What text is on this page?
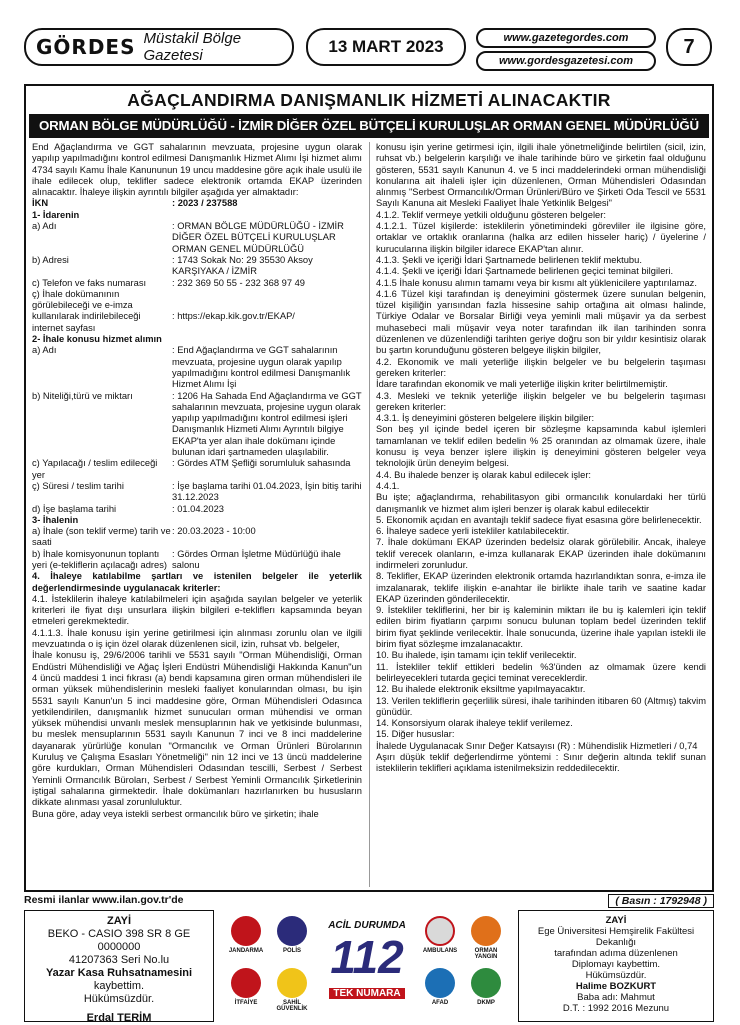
GÖRDES Müstakil Bölge Gazetesi	13 MART 2023	www.gazetegordes.com
www.gordesgazetesi.com
7
AĞAÇLANDIRMA DANIŞMANLIK HİZMETİ ALINACAKTIR
ORMAN BÖLGE MÜDÜRLÜĞÜ - İZMİR DİĞER ÖZEL BÜTÇELİ KURULUŞLAR ORMAN GENEL MÜDÜRLÜĞÜ

End Ağaçlandırma ve GGT sahalarının mevzuata, projesine uygun olarak yapılıp yapılmadığını kontrol edilmesi Danışmanlık Hizmet Alımı İşi hizmet alımı 4734 sayılı Kamu İhale Kanununun 19 uncu maddesine göre açık ihale usulü ile ihale edilecek olup, teklifler sadece elektronik ortamda EKAP üzerinden alınacaktır. İhaleye ilişkin ayrıntılı bilgiler aşağıda yer almaktadır:

İKN	: 2023 / 237588

1- İdarenin

a) Adı	: ORMAN BÖLGE MÜDÜRLÜĞÜ - İZMİR DİĞER ÖZEL BÜTÇELİ KURULUŞLAR ORMAN GENEL MÜDÜRLÜĞÜ
b) Adresi	: 1743 Sokak No: 29 35530 Aksoy KARŞIYAKA / İZMİR
c) Telefon ve faks numarası	: 232 369 50 55 - 232 368 97 49
ç) İhale dokümanının görülebileceği ve e-imza kullanılarak indirilebileceği internet sayfası
: https://ekap.kik.gov.tr/EKAP/

2- İhale konusu hizmet alımın

a) Adı	: End Ağaçlandırma ve GGT sahalarının mevzuata, projesine uygun olarak yapılıp yapılmadığını kontrol edilmesi Danışmanlık Hizmet Alımı İşi
b) Niteliği,türü ve miktarı	: 1206 Ha Sahada End Ağaçlandırma ve GGT sahalarının mevzuata, projesine uygun olarak yapılıp yapılmadığını kontrol edilmesi işleri Danışmanlık Hizmeti Alımı Ayrıntılı bilgiye EKAP'ta yer alan ihale dokümanı içinde bulunan idari şartnameden ulaşılabilir.
c) Yapılacağı / teslim edileceği yer
: Gördes ATM Şefliği sorumluluk sahasında
ç) Süresi / teslim tarihi	: İşe başlama tarihi 01.04.2023, İşin bitiş tarihi 31.12.2023
d) İşe başlama tarihi	: 01.04.2023

3- İhalenin

a) İhale (son teklif verme) tarih ve saati
: 20.03.2023 - 10:00
b) İhale komisyonunun toplantı yeri (e-tekliflerin açılacağı adres)
: Gördes Orman İşletme Müdürlüğü ihale salonu

4. İhaleye katılabilme şartları ve istenilen belgeler ile yeterlik değerlendirmesinde uygulanacak kriterler:

4.1. İsteklilerin ihaleye katılabilmeleri için aşağıda sayılan belgeler ve yeterlik kriterleri ile fiyat dışı unsurlara ilişkin bilgileri e-tekliflerı kapsamında beyan etmeleri gerekmektedir.

4.1.1.3. İhale konusu işin yerine getirilmesi için alınması zorunlu olan ve ilgili mevzuatında o iş için özel olarak düzenlenen sicil, izin, ruhsat vb. belgeler,

İhale konusu iş, 29/6/2006 tarihli ve 5531 sayılı "Orman Mühendisliği, Orman Endüstri Mühendisliği ve Ağaç İşleri Endüstri Mühendisliği Hakkında Kanun"un 4 üncü maddesi 1 inci fıkrası (a) bendi kapsamına giren orman mühendisleri ile orman yüksek mühendislerinin mesleki faaliyet konularından olması, bu işin 5531 sayılı Kanun'un 5 inci maddesine göre, Orman Mühendisleri Odasınca yetkilendirilen, danışmanlık hizmet sunucuları orman mühendisi ve orman yüksek mühendisi unvanlı meslek mensuplarının hak ve yetkisinde bulunması, bu meslek mensuplarının 5531 sayılı Kanunun 7 inci ve 8 inci maddelerine dayanarak yürürlüğe konulan "Ormancılık ve Orman Ürünleri Bürolarının Kuruluş ve Çalışma Esasları Yönetmeliği" nin 12 inci ve 13 üncü maddelerine göre kurdukları, Orman Mühendisleri Odasından tescilli, Serbest / Serbest Yeminli Ormancılık Büroları, Serbest / Serbest Yeminli Ormancılık Şirketlerinin iştigal sahalarına girmektedir. İhale dokümanları hazırlanırken bu hususların dikkate alınması yasal zorunluluktur.

Buna göre, aday veya istekli serbest ormancılık büro ve şirketin; ihale

konusu işin yerine getirmesi için, ilgili ihale yönetmeliğinde belirtilen (sicil, izin, ruhsat vb.) belgelerin karşılığı ve ihale tarihinde büro ve şirketin faal olduğunu gösteren, 5531 sayılı Kanunun 4. ve 5 inci maddelerindeki orman mühendisliği konularına ait ihaleli işler için düzenlenen, Orman Mühendisleri Odasından alınmış "Serbest Ormancılık/Orman Ürünleri/Büro ve Şirketi Oda Tescil ve 5531 Sayılı Kanuna ait Mesleki Faaliyet İhale Yetkinlik Belgesi"

4.1.2. Teklif vermeye yetkili olduğunu gösteren belgeler:

4.1.2.1. Tüzel kişilerde: isteklilerin yönetimindeki görevliler ile ilgisine göre, ortaklar ve ortaklık oranlarına (halka arz edilen hisseler hariç) / üyelerine / kurucularına ilişkin bilgiler idarece EKAP'tan alınır.

4.1.3. Şekli ve içeriği İdari Şartnamede belirlenen teklif mektubu.

4.1.4. Şekli ve içeriği İdari Şartnamede belirlenen geçici teminat bilgileri.

4.1.5 İhale konusu alımın tamamı veya bir kısmı alt yüklenicilere yaptırılamaz.

4.1.6 Tüzel kişi tarafından iş deneyimini göstermek üzere sunulan belgenin, tüzel kişiliğin yarısından fazla hissesine sahip ortağına ait olması halinde, Türkiye Odalar ve Borsalar Birliği veya yeminli mali müşavir ya da serbest muhasebeci mali müşavir veya noter tarafından ilk ilan tarihinden sonra düzenlenen ve düzenlendiği tarihten geriye doğru son bir yıldır kesintisiz olarak bu şartın korunduğunu gösteren belgeye ilişkin bilgiler,

4.2. Ekonomik ve mali yeterliğe ilişkin belgeler ve bu belgelerin taşıması gereken kriterler:

İdare tarafından ekonomik ve mali yeterliğe ilişkin kriter belirtilmemiştir.

4.3. Mesleki ve teknik yeterliğe ilişkin belgeler ve bu belgelerin taşıması gereken kriterler:

4.3.1. İş deneyimini gösteren belgelere ilişkin bilgiler:

Son beş yıl içinde bedel içeren bir sözleşme kapsamında kabul işlemleri tamamlanan ve teklif edilen bedelin % 25 oranından az olmamak üzere, ihale konusu iş veya benzer işlere ilişkin iş deneyimini gösteren belgeler veya teknolojik ürün deneyim belgesi.

4.4. Bu ihalede benzer iş olarak kabul edilecek işler:

4.4.1.

Bu işte; ağaçlandırma, rehabilitasyon gibi ormancılık konulardaki her türlü danışmanlık ve hizmet alım işleri benzer iş olarak kabul edilecektir

5. Ekonomik açıdan en avantajlı teklif sadece fiyat esasına göre belirlenecektir.

6. İhaleye sadece yerli istekliler katılabilecektir.

7. İhale dokümanı EKAP üzerinden bedelsiz olarak görülebilir. Ancak, ihaleye teklif verecek olanların, e-imza kullanarak EKAP üzerinden ihale dokümanını indirmeleri zorunludur.

8. Teklifler, EKAP üzerinden elektronik ortamda hazırlandıktan sonra, e-imza ile imzalanarak, teklife ilişkin e-anahtar ile birlikte ihale tarih ve saatine kadar EKAP üzerinden gönderilecektir.

9. İstekliler tekliflerini, her bir iş kaleminin miktarı ile bu iş kalemleri için teklif edilen birim fiyatların çarpımı sonucu bulunan toplam bedel üzerinden teklif birim fiyat şeklinde verilecektir. İhale sonucunda, üzerine ihale yapılan istekli ile birim fiyat sözleşme imzalanacaktır.

10. Bu ihalede, işin tamamı için teklif verilecektir.

11. İstekliler teklif ettikleri bedelin %3'ünden az olmamak üzere kendi belirleyecekleri tutarda geçici teminat vereceklerdir.

12. Bu ihalede elektronik eksiltme yapılmayacaktır.

13. Verilen tekliflerin geçerlilik süresi, ihale tarihinden itibaren 60 (Altmış) takvim günüdür.

14. Konsorsiyum olarak ihaleye teklif verilemez.

15. Diğer hususlar:

İhalede Uygulanacak Sınır Değer Katsayısı (R) : Mühendislik Hizmetleri / 0,74

Aşırı düşük teklif değerlendirme yöntemi : Sınır değerin altında teklif sunan isteklilerin teklifleri açıklama istenilmeksizin reddedilecektir.

Resmi ilanlar www.ilan.gov.tr'de	( Basın : 1792948 )
ZAYİ
BEKO - CASIO 398 SR 8 GE 0000000
41207363 Seri No.lu
Yazar Kasa Ruhsatnamesini
kaybettim.
Hükümsüzdür.
Erdal TERİM
JANDARMA	POLİS	AMBULANS	ORMAN YANGIN
İTFAİYE	SAHİL GÜVENLİK
AFAD	DKMP
ACİL DURUMDA
112
TEK NUMARA
ZAYİ
Ege Üniversitesi Hemşirelik Fakültesi Dekanlığı
tarafından adıma düzenlenen
Diplomayı kaybettim.
Hükümsüzdür.
Halime BOZKURT
Baba adı: Mahmut
D.T. : 1992 2016 Mezunu
